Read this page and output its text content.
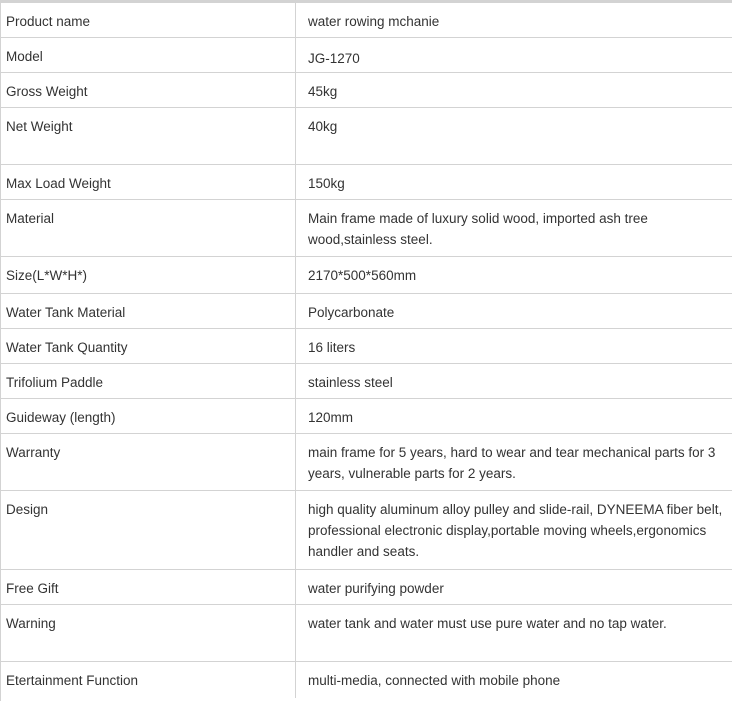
Product name	water rowing mchanie
Model	JG-1270
Gross Weight	45kg
Net Weight	40kg
Max Load Weight	150kg
Material	Main frame made of luxury solid wood, imported ash tree wood,stainless steel.
Size(L*W*H*)	2170*500*560mm
Water Tank Material	Polycarbonate
Water Tank Quantity	16 liters
Trifolium Paddle	stainless steel
Guideway (length)	120mm
Warranty	main frame for 5 years, hard to wear and tear mechanical parts for 3 years, vulnerable parts for 2 years.
Design	high quality aluminum alloy pulley and slide-rail, DYNEEMA fiber belt, professional electronic display,portable moving wheels,ergonomics handler and seats.
Free Gift	water purifying powder
Warning	water tank and water must use pure water and no tap water.
Etertainment Function	multi-media, connected with mobile phone
